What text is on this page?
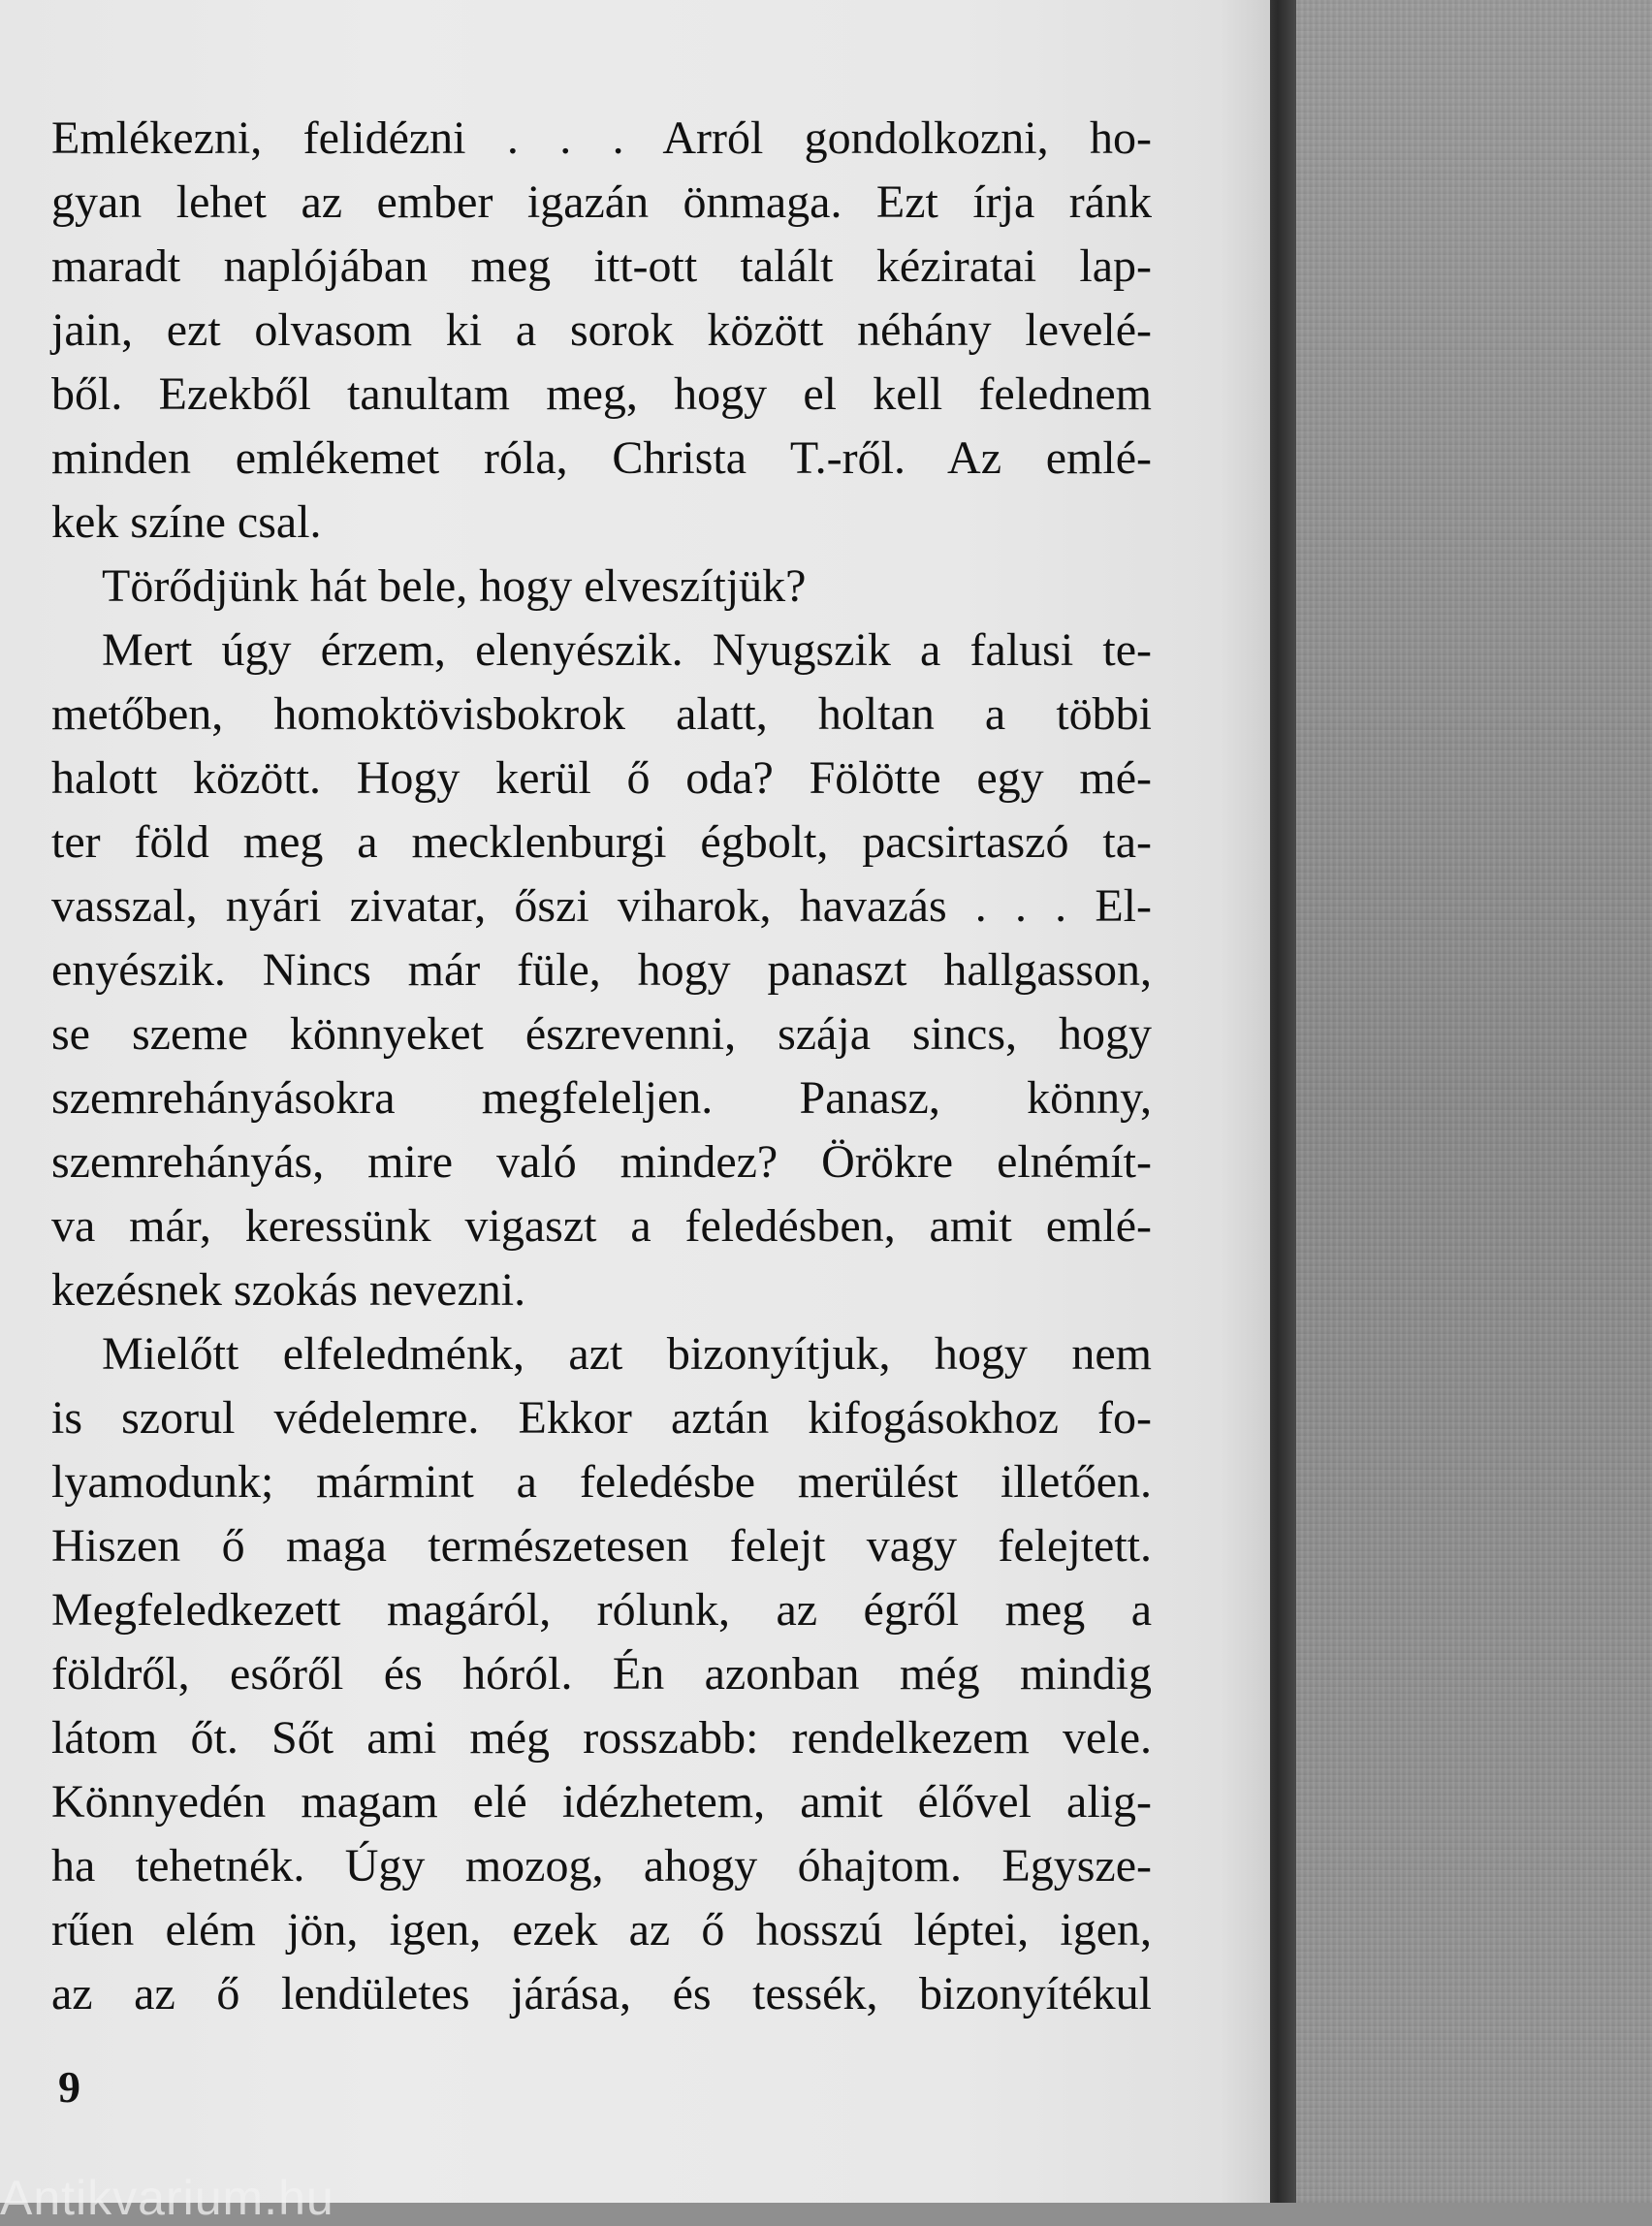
Emlékezni, felidézni . . . Arról gondolkozni, ho-
gyan lehet az ember igazán önmaga. Ezt írja ránk
maradt naplójában meg itt-ott talált kéziratai lap-
jain, ezt olvasom ki a sorok között néhány levelé-
ből. Ezekből tanultam meg, hogy el kell felednem
minden emlékemet róla, Christa T.-ről. Az emlé-
kek színe csal.
Törődjünk hát bele, hogy elveszítjük?
Mert úgy érzem, elenyészik. Nyugszik a falusi te-
metőben, homoktövisbokrok alatt, holtan a többi
halott között. Hogy kerül ő oda? Fölötte egy mé-
ter föld meg a mecklenburgi égbolt, pacsirtaszó ta-
vasszal, nyári zivatar, őszi viharok, havazás . . . El-
enyészik. Nincs már füle, hogy panaszt hallgasson,
se szeme könnyeket észrevenni, szája sincs, hogy
szemrehányásokra megfeleljen. Panasz, könny,
szemrehányás, mire való mindez? Örökre elnémít-
va már, keressünk vigaszt a feledésben, amit emlé-
kezésnek szokás nevezni.
Mielőtt elfeledménk, azt bizonyítjuk, hogy nem
is szorul védelemre. Ekkor aztán kifogásokhoz fo-
lyamodunk; mármint a feledésbe merülést illetően.
Hiszen ő maga természetesen felejt vagy felejtett.
Megfeledkezett magáról, rólunk, az égről meg a
földről, esőről és hóról. Én azonban még mindig
látom őt. Sőt ami még rosszabb: rendelkezem vele.
Könnyedén magam elé idézhetem, amit élővel alig-
ha tehetnék. Úgy mozog, ahogy óhajtom. Egysze-
rűen elém jön, igen, ezek az ő hosszú léptei, igen,
az az ő lendületes járása, és tessék, bizonyítékul
9
Antikvarium.hu
